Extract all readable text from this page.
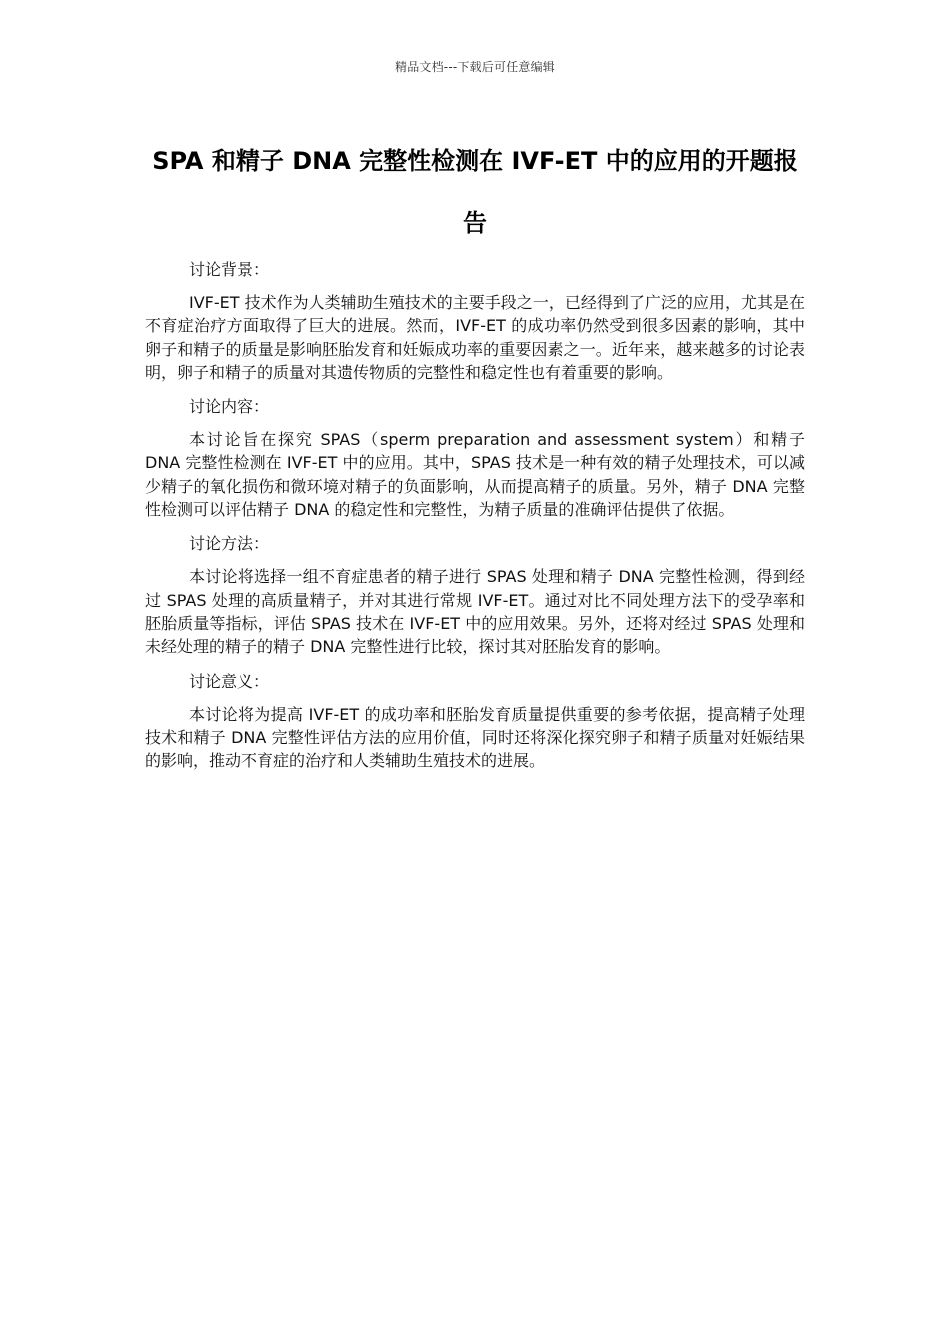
精品文档---下载后可任意编辑
SPA 和精子 DNA 完整性检测在 IVF-ET 中的应用的开题报告

讨论背景：

IVF-ET 技术作为人类辅助生殖技术的主要手段之一，已经得到了广泛的应用，尤其是在不育症治疗方面取得了巨大的进展。然而，IVF-ET 的成功率仍然受到很多因素的影响，其中卵子和精子的质量是影响胚胎发育和妊娠成功率的重要因素之一。近年来，越来越多的讨论表明，卵子和精子的质量对其遗传物质的完整性和稳定性也有着重要的影响。

讨论内容：

本讨论旨在探究 SPAS（sperm preparation and assessment system）和精子 DNA 完整性检测在 IVF-ET 中的应用。其中，SPAS 技术是一种有效的精子处理技术，可以减少精子的氧化损伤和微环境对精子的负面影响，从而提高精子的质量。另外，精子 DNA 完整性检测可以评估精子 DNA 的稳定性和完整性，为精子质量的准确评估提供了依据。

讨论方法：

本讨论将选择一组不育症患者的精子进行 SPAS 处理和精子 DNA 完整性检测，得到经过 SPAS 处理的高质量精子，并对其进行常规 IVF-ET。通过对比不同处理方法下的受孕率和胚胎质量等指标，评估 SPAS 技术在 IVF-ET 中的应用效果。另外，还将对经过 SPAS 处理和未经处理的精子的精子 DNA 完整性进行比较，探讨其对胚胎发育的影响。

讨论意义：

本讨论将为提高 IVF-ET 的成功率和胚胎发育质量提供重要的参考依据，提高精子处理技术和精子 DNA 完整性评估方法的应用价值，同时还将深化探究卵子和精子质量对妊娠结果的影响，推动不育症的治疗和人类辅助生殖技术的进展。
